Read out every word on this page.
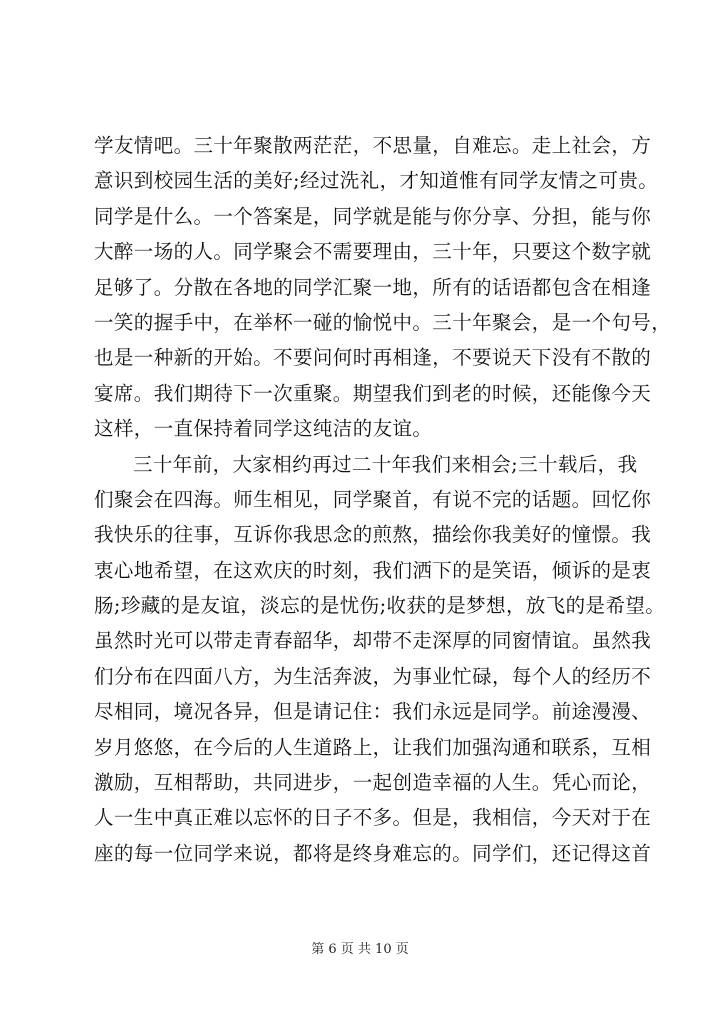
学友情吧。三十年聚散两茫茫，不思量，自难忘。走上社会，方
意识到校园生活的美好;经过洗礼，才知道惟有同学友情之可贵。
同学是什么。一个答案是，同学就是能与你分享、分担，能与你
大醉一场的人。同学聚会不需要理由，三十年，只要这个数字就
足够了。分散在各地的同学汇聚一地，所有的话语都包含在相逢
一笑的握手中，在举杯一碰的愉悦中。三十年聚会，是一个句号，
也是一种新的开始。不要问何时再相逢，不要说天下没有不散的
宴席。我们期待下一次重聚。期望我们到老的时候，还能像今天
这样，一直保持着同学这纯洁的友谊。
三十年前，大家相约再过二十年我们来相会;三十载后，我
们聚会在四海。师生相见，同学聚首，有说不完的话题。回忆你
我快乐的往事，互诉你我思念的煎熬，描绘你我美好的憧憬。我
衷心地希望，在这欢庆的时刻，我们洒下的是笑语，倾诉的是衷
肠;珍藏的是友谊，淡忘的是忧伤;收获的是梦想，放飞的是希望。
虽然时光可以带走青春韶华，却带不走深厚的同窗情谊。虽然我
们分布在四面八方，为生活奔波，为事业忙碌，每个人的经历不
尽相同，境况各异，但是请记住：我们永远是同学。前途漫漫、
岁月悠悠，在今后的人生道路上，让我们加强沟通和联系，互相
激励，互相帮助，共同进步，一起创造幸福的人生。凭心而论，
人一生中真正难以忘怀的日子不多。但是，我相信，今天对于在
座的每一位同学来说，都将是终身难忘的。同学们，还记得这首
第 6 页 共 10 页
